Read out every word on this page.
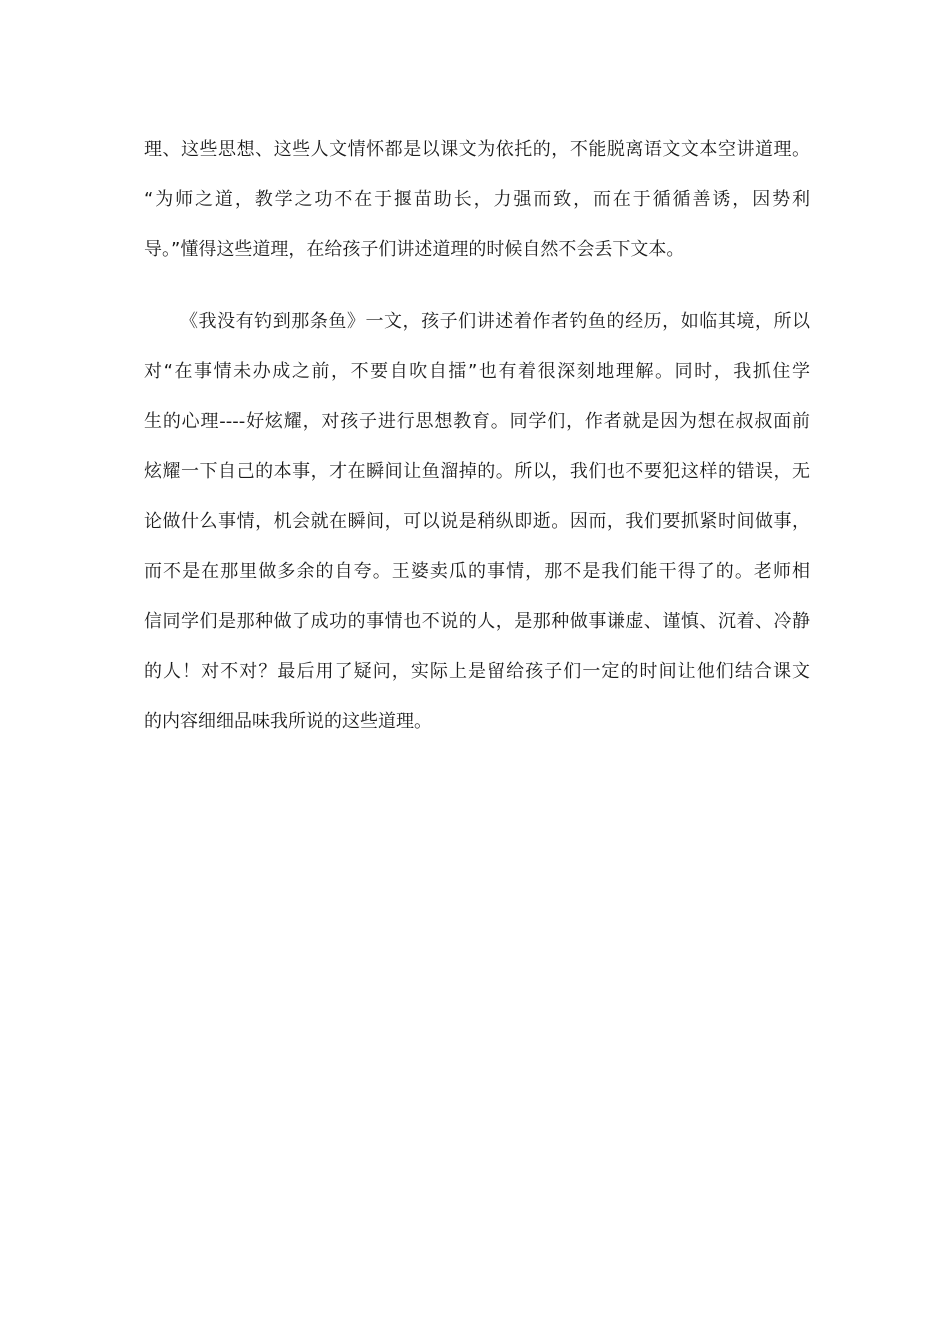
理、这些思想、这些人文情怀都是以课文为依托的，不能脱离语文文本空讲道理。
“为师之道，教学之功不在于揠苗助长，力强而致，而在于循循善诱，因势利
导。”懂得这些道理，在给孩子们讲述道理的时候自然不会丢下文本。
《我没有钓到那条鱼》一文，孩子们讲述着作者钓鱼的经历，如临其境，所以
对“在事情未办成之前，不要自吹自擂”也有着很深刻地理解。同时，我抓住学
生的心理----好炫耀，对孩子进行思想教育。同学们，作者就是因为想在叔叔面前
炫耀一下自己的本事，才在瞬间让鱼溜掉的。所以，我们也不要犯这样的错误，无
论做什么事情，机会就在瞬间，可以说是稍纵即逝。因而，我们要抓紧时间做事，
而不是在那里做多余的自夸。王婆卖瓜的事情，那不是我们能干得了的。老师相
信同学们是那种做了成功的事情也不说的人，是那种做事谦虚、谨慎、沉着、冷静
的人！对不对？最后用了疑问，实际上是留给孩子们一定的时间让他们结合课文
的内容细细品味我所说的这些道理。
